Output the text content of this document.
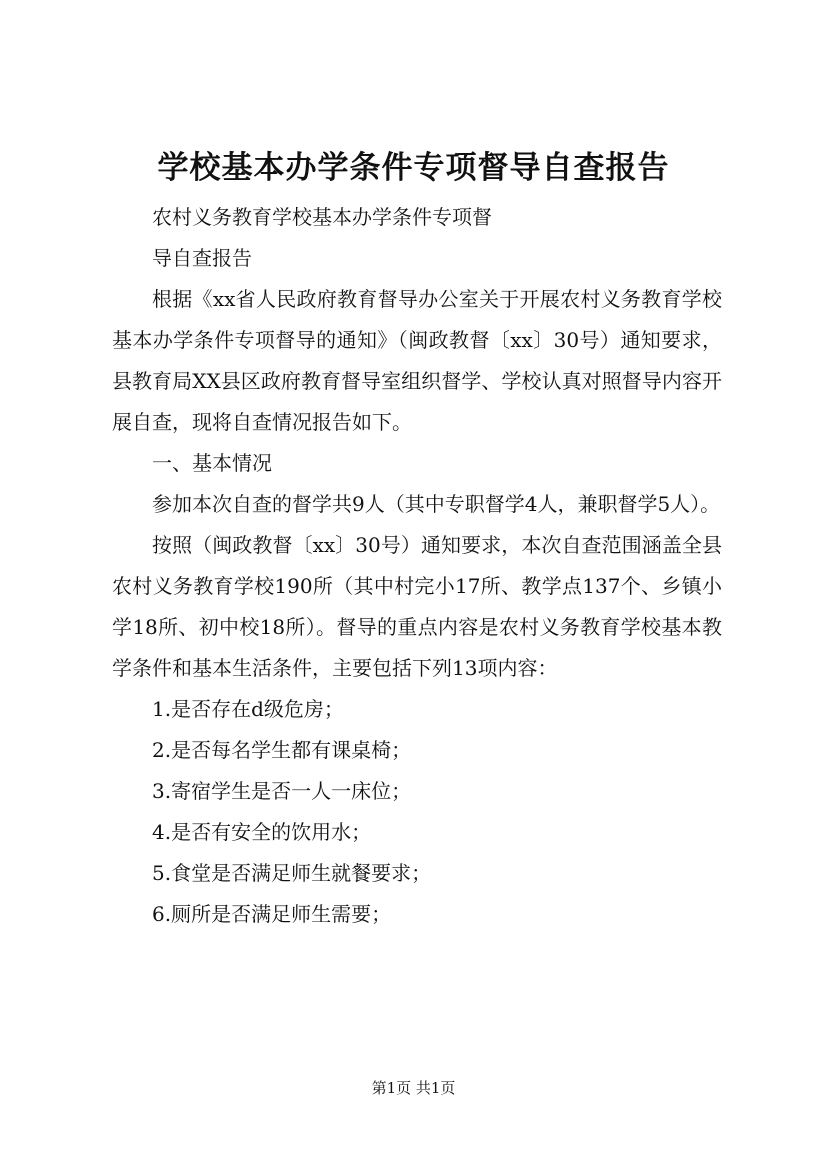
学校基本办学条件专项督导自查报告

农村义务教育学校基本办学条件专项督

导自查报告

根据《xx省人民政府教育督导办公室关于开展农村义务教育学校基本办学条件专项督导的通知》（闽政教督〔xx〕30号）通知要求，县教育局XX县区政府教育督导室组织督学、学校认真对照督导内容开展自查，现将自查情况报告如下。

一、基本情况

参加本次自查的督学共9人（其中专职督学4人，兼职督学5人）。

按照（闽政教督〔xx〕30号）通知要求，本次自查范围涵盖全县农村义务教育学校190所（其中村完小17所、教学点137个、乡镇小学18所、初中校18所）。督导的重点内容是农村义务教育学校基本教学条件和基本生活条件，主要包括下列13项内容：

1.是否存在d级危房；

2.是否每名学生都有课桌椅；

3.寄宿学生是否一人一床位；

4.是否有安全的饮用水；

5.食堂是否满足师生就餐要求；

6.厕所是否满足师生需要；

第1页 共1页
